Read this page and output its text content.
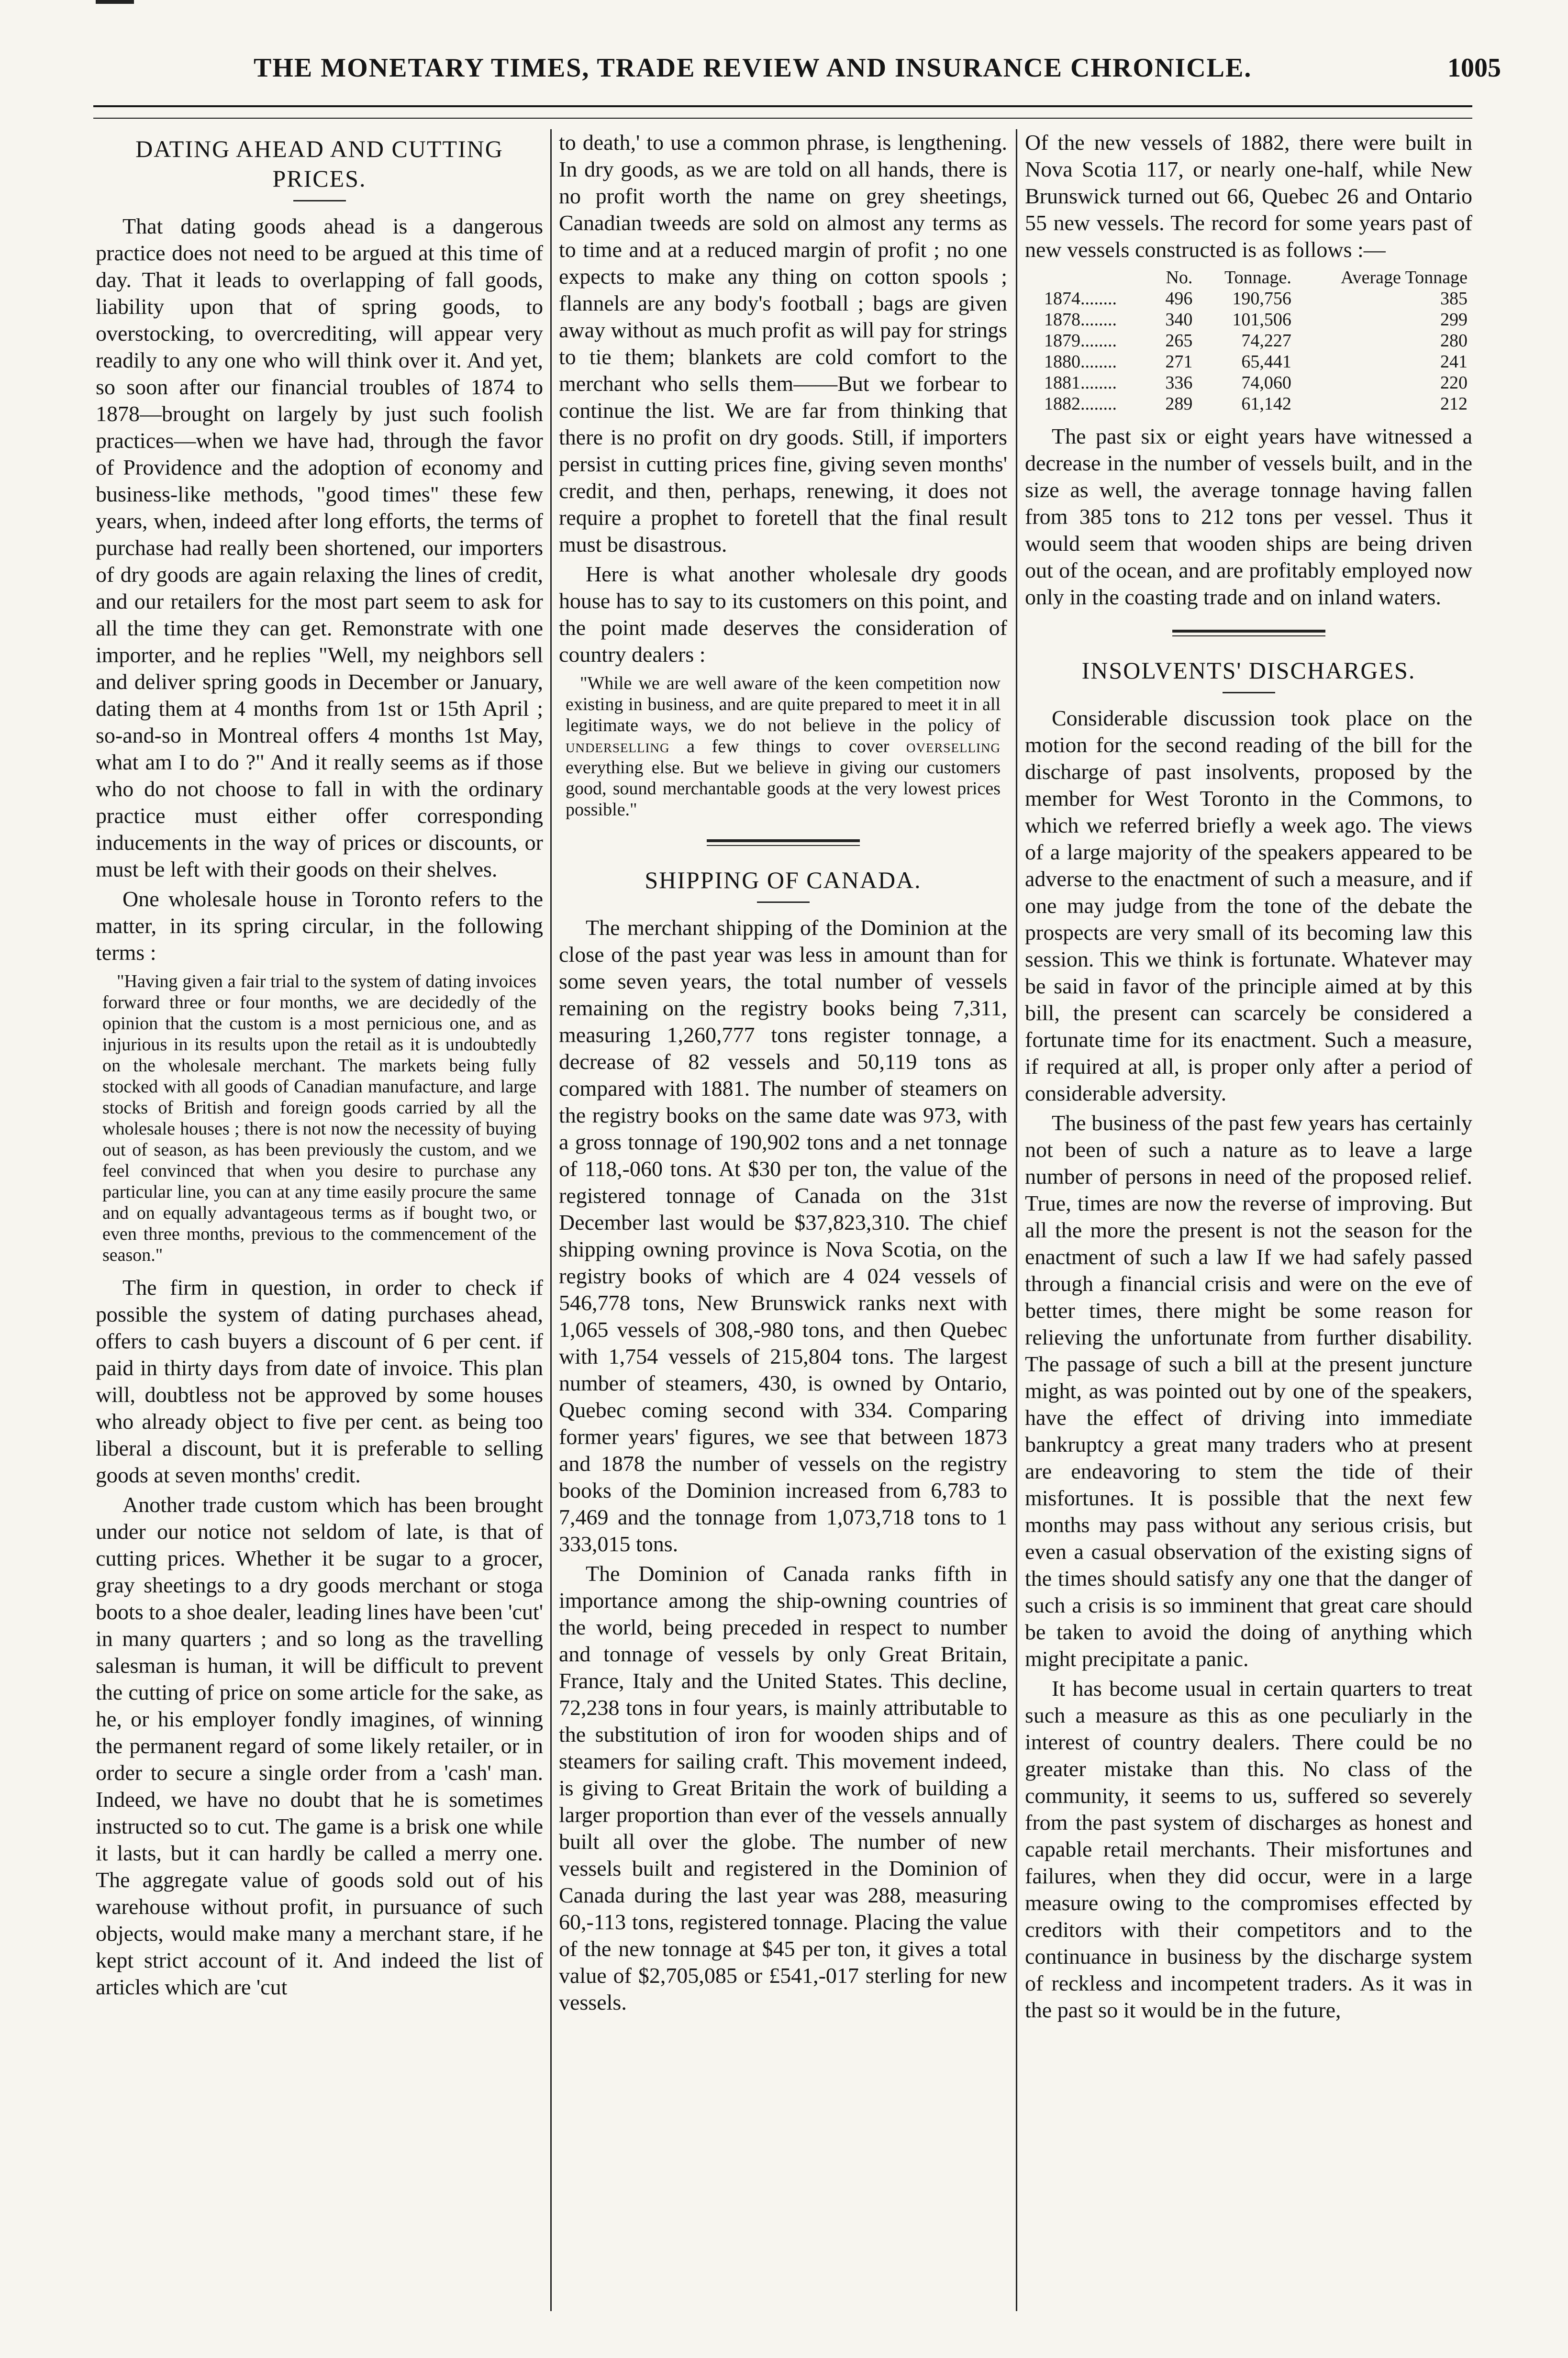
THE MONETARY TIMES, TRADE REVIEW AND INSURANCE CHRONICLE.	1005
DATING AHEAD AND CUTTING PRICES.

That dating goods ahead is a dangerous practice does not need to be argued at this time of day. That it leads to overlapping of fall goods, liability upon that of spring goods, to overstocking, to overcrediting, will appear very readily to any one who will think over it. And yet, so soon after our financial troubles of 1874 to 1878—brought on largely by just such foolish practices—when we have had, through the favor of Providence and the adoption of economy and business-like methods, "good times" these few years, when, indeed after long efforts, the terms of purchase had really been shortened, our importers of dry goods are again relaxing the lines of credit, and our retailers for the most part seem to ask for all the time they can get. Remonstrate with one importer, and he replies "Well, my neighbors sell and deliver spring goods in December or January, dating them at 4 months from 1st or 15th April ; so-and-so in Montreal offers 4 months 1st May, what am I to do ?" And it really seems as if those who do not choose to fall in with the ordinary practice must either offer corresponding inducements in the way of prices or discounts, or must be left with their goods on their shelves.

One wholesale house in Toronto refers to the matter, in its spring circular, in the following terms :

"Having given a fair trial to the system of dating invoices forward three or four months, we are decidedly of the opinion that the custom is a most pernicious one, and as injurious in its results upon the retail as it is undoubtedly on the wholesale merchant. The markets being fully stocked with all goods of Canadian manufacture, and large stocks of British and foreign goods carried by all the wholesale houses ; there is not now the necessity of buying out of season, as has been previously the custom, and we feel convinced that when you desire to purchase any particular line, you can at any time easily procure the same and on equally advantageous terms as if bought two, or even three months, previous to the commencement of the season."

The firm in question, in order to check if possible the system of dating purchases ahead, offers to cash buyers a discount of 6 per cent. if paid in thirty days from date of invoice. This plan will, doubtless not be approved by some houses who already object to five per cent. as being too liberal a discount, but it is preferable to selling goods at seven months' credit.

Another trade custom which has been brought under our notice not seldom of late, is that of cutting prices. Whether it be sugar to a grocer, gray sheetings to a dry goods merchant or stoga boots to a shoe dealer, leading lines have been 'cut' in many quarters ; and so long as the travelling salesman is human, it will be difficult to prevent the cutting of price on some article for the sake, as he, or his employer fondly imagines, of winning the permanent regard of some likely retailer, or in order to secure a single order from a 'cash' man. Indeed, we have no doubt that he is sometimes instructed so to cut. The game is a brisk one while it lasts, but it can hardly be called a merry one. The aggregate value of goods sold out of his warehouse without profit, in pursuance of such objects, would make many a merchant stare, if he kept strict account of it. And indeed the list of articles which are 'cut

to death,' to use a common phrase, is lengthening. In dry goods, as we are told on all hands, there is no profit worth the name on grey sheetings, Canadian tweeds are sold on almost any terms as to time and at a reduced margin of profit ; no one expects to make any thing on cotton spools ; flannels are any body's football ; bags are given away without as much profit as will pay for strings to tie them; blankets are cold comfort to the merchant who sells them——But we forbear to continue the list. We are far from thinking that there is no profit on dry goods. Still, if importers persist in cutting prices fine, giving seven months' credit, and then, perhaps, renewing, it does not require a prophet to foretell that the final result must be disastrous.

Here is what another wholesale dry goods house has to say to its customers on this point, and the point made deserves the consideration of country dealers :

"While we are well aware of the keen competition now existing in business, and are quite prepared to meet it in all legitimate ways, we do not believe in the policy of underselling a few things to cover overselling everything else. But we believe in giving our customers good, sound merchantable goods at the very lowest prices possible."
SHIPPING OF CANADA.

The merchant shipping of the Dominion at the close of the past year was less in amount than for some seven years, the total number of vessels remaining on the registry books being 7,311, measuring 1,260,777 tons register tonnage, a decrease of 82 vessels and 50,119 tons as compared with 1881. The number of steamers on the registry books on the same date was 973, with a gross tonnage of 190,902 tons and a net tonnage of 118,-060 tons. At $30 per ton, the value of the registered tonnage of Canada on the 31st December last would be $37,823,310. The chief shipping owning province is Nova Scotia, on the registry books of which are 4 024 vessels of 546,778 tons, New Brunswick ranks next with 1,065 vessels of 308,-980 tons, and then Quebec with 1,754 vessels of 215,804 tons. The largest number of steamers, 430, is owned by Ontario, Quebec coming second with 334. Comparing former years' figures, we see that between 1873 and 1878 the number of vessels on the registry books of the Dominion increased from 6,783 to 7,469 and the tonnage from 1,073,718 tons to 1 333,015 tons.

The Dominion of Canada ranks fifth in importance among the ship-owning countries of the world, being preceded in respect to number and tonnage of vessels by only Great Britain, France, Italy and the United States. This decline, 72,238 tons in four years, is mainly attributable to the substitution of iron for wooden ships and of steamers for sailing craft. This movement indeed, is giving to Great Britain the work of building a larger proportion than ever of the vessels annually built all over the globe. The number of new vessels built and registered in the Dominion of Canada during the last year was 288, measuring 60,-113 tons, registered tonnage. Placing the value of the new tonnage at $45 per ton, it gives a total value of $2,705,085 or £541,-017 sterling for new vessels.

Of the new vessels of 1882, there were built in Nova Scotia 117, or nearly one-half, while New Brunswick turned out 66, Quebec 26 and Ontario 55 new vessels. The record for some years past of new vessels constructed is as follows :—

	No.	Tonnage.	Average Tonnage
1874........	496	190,756	385
1878........	340	101,506	299
1879........	265	74,227	280
1880........	271	65,441	241
1881........	336	74,060	220
1882........	289	61,142	212

The past six or eight years have witnessed a decrease in the number of vessels built, and in the size as well, the average tonnage having fallen from 385 tons to 212 tons per vessel. Thus it would seem that wooden ships are being driven out of the ocean, and are profitably employed now only in the coasting trade and on inland waters.

INSOLVENTS' DISCHARGES.

Considerable discussion took place on the motion for the second reading of the bill for the discharge of past insolvents, proposed by the member for West Toronto in the Commons, to which we referred briefly a week ago. The views of a large majority of the speakers appeared to be adverse to the enactment of such a measure, and if one may judge from the tone of the debate the prospects are very small of its becoming law this session. This we think is fortunate. Whatever may be said in favor of the principle aimed at by this bill, the present can scarcely be considered a fortunate time for its enactment. Such a measure, if required at all, is proper only after a period of considerable adversity.

The business of the past few years has certainly not been of such a nature as to leave a large number of persons in need of the proposed relief. True, times are now the reverse of improving. But all the more the present is not the season for the enactment of such a law If we had safely passed through a financial crisis and were on the eve of better times, there might be some reason for relieving the unfortunate from further disability. The passage of such a bill at the present juncture might, as was pointed out by one of the speakers, have the effect of driving into immediate bankruptcy a great many traders who at present are endeavoring to stem the tide of their misfortunes. It is possible that the next few months may pass without any serious crisis, but even a casual observation of the existing signs of the times should satisfy any one that the danger of such a crisis is so imminent that great care should be taken to avoid the doing of anything which might precipitate a panic.

It has become usual in certain quarters to treat such a measure as this as one peculiarly in the interest of country dealers. There could be no greater mistake than this. No class of the community, it seems to us, suffered so severely from the past system of discharges as honest and capable retail merchants. Their misfortunes and failures, when they did occur, were in a large measure owing to the compromises effected by creditors with their competitors and to the continuance in business by the discharge system of reckless and incompetent traders. As it was in the past so it would be in the future,
